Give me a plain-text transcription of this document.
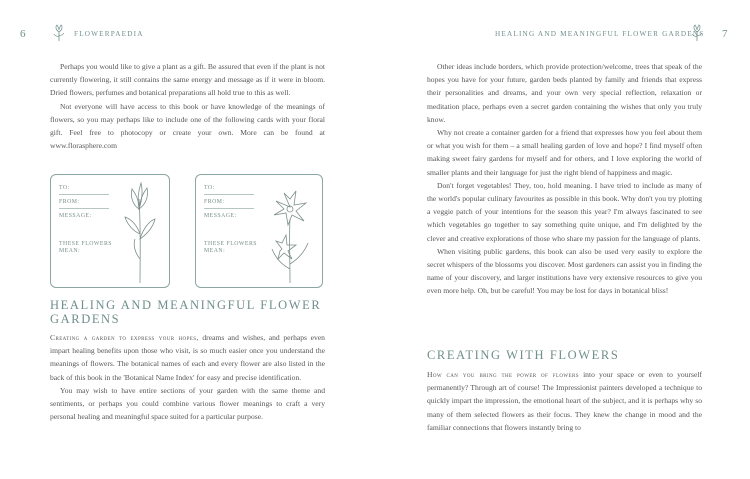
6	FLOWERPAEDIA

Perhaps you would like to give a plant as a gift. Be assured that even if the plant is not currently flowering, it still contains the same energy and message as if it were in bloom. Dried flowers, perfumes and botanical preparations all hold true to this as well.

Not everyone will have access to this book or have knowledge of the meanings of flowers, so you may perhaps like to include one of the following cards with your floral gift. Feel free to photocopy or create your own. More can be found at www.florasphere.com

TO:
FROM:
MESSAGE:
THESE FLOWERS MEAN:
TO:
FROM:
MESSAGE:
THESE FLOWERS MEAN:
HEALING AND MEANINGFUL FLOWER GARDENS

Creating a garden to express your hopes, dreams and wishes, and perhaps even impart healing benefits upon those who visit, is so much easier once you understand the meanings of flowers. The botanical names of each and every flower are also listed in the back of this book in the 'Botanical Name Index' for easy and precise identification.

You may wish to have entire sections of your garden with the same theme and sentiments, or perhaps you could combine various flower meanings to craft a very personal healing and meaningful space suited for a particular purpose.

HEALING AND MEANINGFUL FLOWER GARDENS 7

Other ideas include borders, which provide protection/welcome, trees that speak of the hopes you have for your future, garden beds planted by family and friends that express their personalities and dreams, and your own very special reflection, relaxation or meditation place, perhaps even a secret garden containing the wishes that only you truly know.

Why not create a container garden for a friend that expresses how you feel about them or what you wish for them – a small healing garden of love and hope? I find myself often making sweet fairy gardens for myself and for others, and I love exploring the world of smaller plants and their language for just the right blend of happiness and magic.

Don't forget vegetables! They, too, hold meaning. I have tried to include as many of the world's popular culinary favourites as possible in this book. Why don't you try plotting a veggie patch of your intentions for the season this year? I'm always fascinated to see which vegetables go together to say something quite unique, and I'm delighted by the clever and creative explorations of those who share my passion for the language of plants.

When visiting public gardens, this book can also be used very easily to explore the secret whispers of the blossoms you discover. Most gardeners can assist you in finding the name of your discovery, and larger institutions have very extensive resources to give you even more help. Oh, but be careful! You may be lost for days in botanical bliss!

CREATING WITH FLOWERS

How can you bring the power of flowers into your space or even to yourself permanently? Through art of course! The Impressionist painters developed a technique to quickly impart the impression, the emotional heart of the subject, and it is perhaps why so many of them selected flowers as their focus. They knew the change in mood and the familiar connections that flowers instantly bring to
